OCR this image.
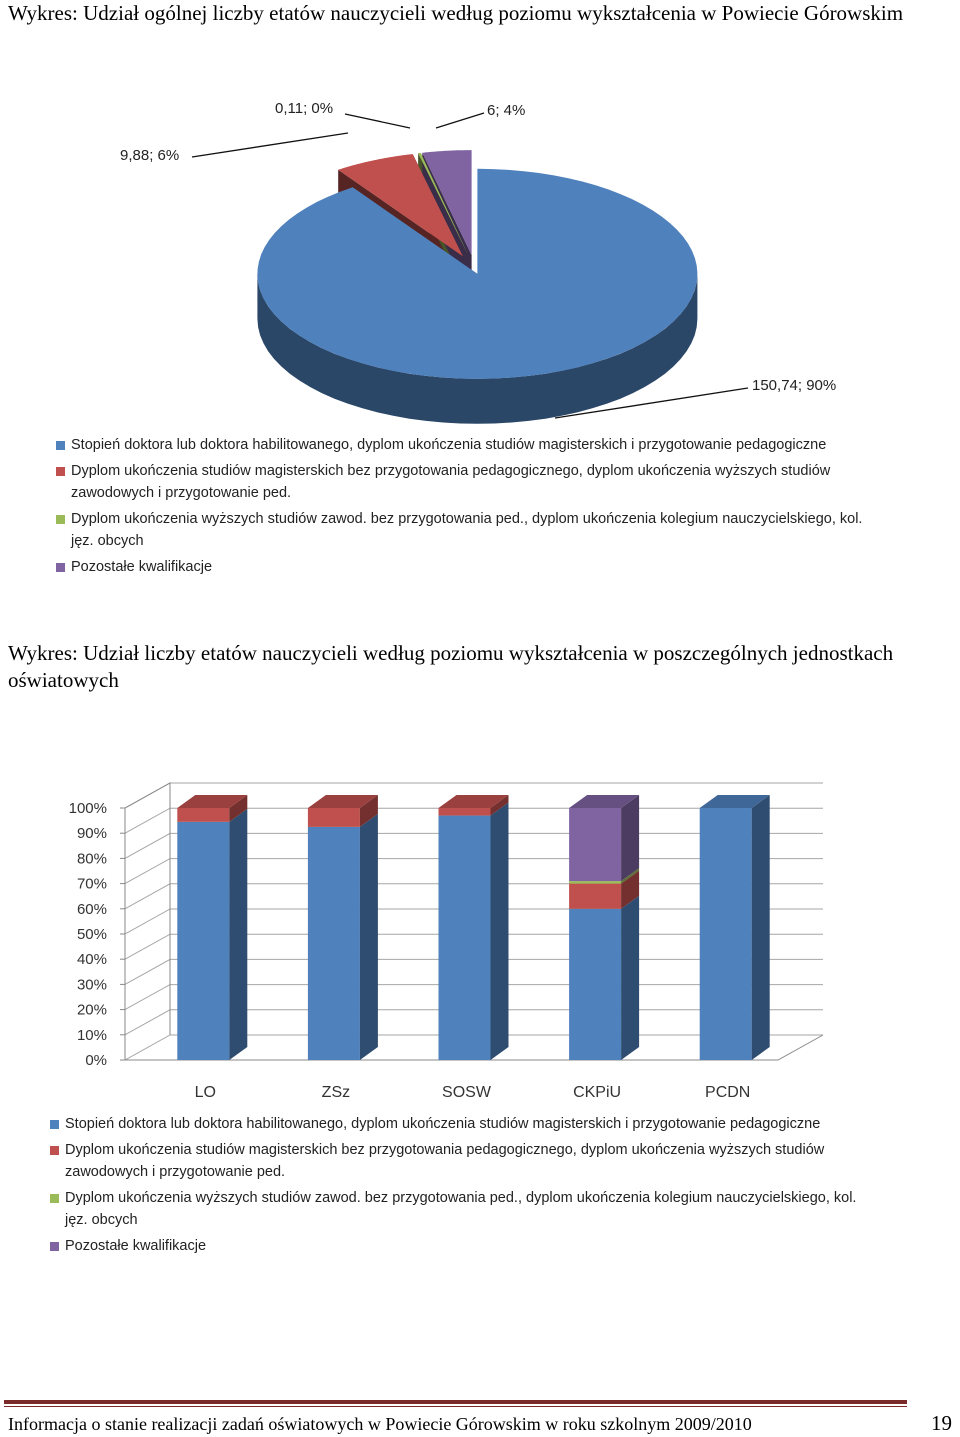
Wykres: Udział ogólnej liczby etatów nauczycieli według poziomu wykształcenia w Powiecie Górowskim
150,74; 90%
9,88; 6%
0,11; 0%	6; 4%
Stopień doktora lub doktora habilitowanego, dyplom ukończenia studiów magisterskich i przygotowanie pedagogiczne
Dyplom ukończenia studiów magisterskich bez przygotowania pedagogicznego, dyplom ukończenia wyższych studiów zawodowych i przygotowanie ped.
Dyplom ukończenia wyższych studiów zawod. bez przygotowania ped., dyplom ukończenia kolegium nauczycielskiego, kol. jęz. obcych
Pozostałe kwalifikacje
Wykres: Udział liczby etatów nauczycieli według poziomu wykształcenia w poszczególnych jednostkach oświatowych
0%
10%
20%
30%
40%
50%
60%
70%
80%
90%
100%
LO	ZSz	SOSW	CKPiU	PCDN
Stopień doktora lub doktora habilitowanego, dyplom ukończenia studiów magisterskich i przygotowanie pedagogiczne
Dyplom ukończenia studiów magisterskich bez przygotowania pedagogicznego, dyplom ukończenia wyższych studiów zawodowych i przygotowanie ped.
Dyplom ukończenia wyższych studiów zawod. bez przygotowania ped., dyplom ukończenia kolegium nauczycielskiego, kol. jęz. obcych
Pozostałe kwalifikacje
Informacja o stanie realizacji zadań oświatowych w Powiecie Górowskim w roku szkolnym 2009/2010	19
